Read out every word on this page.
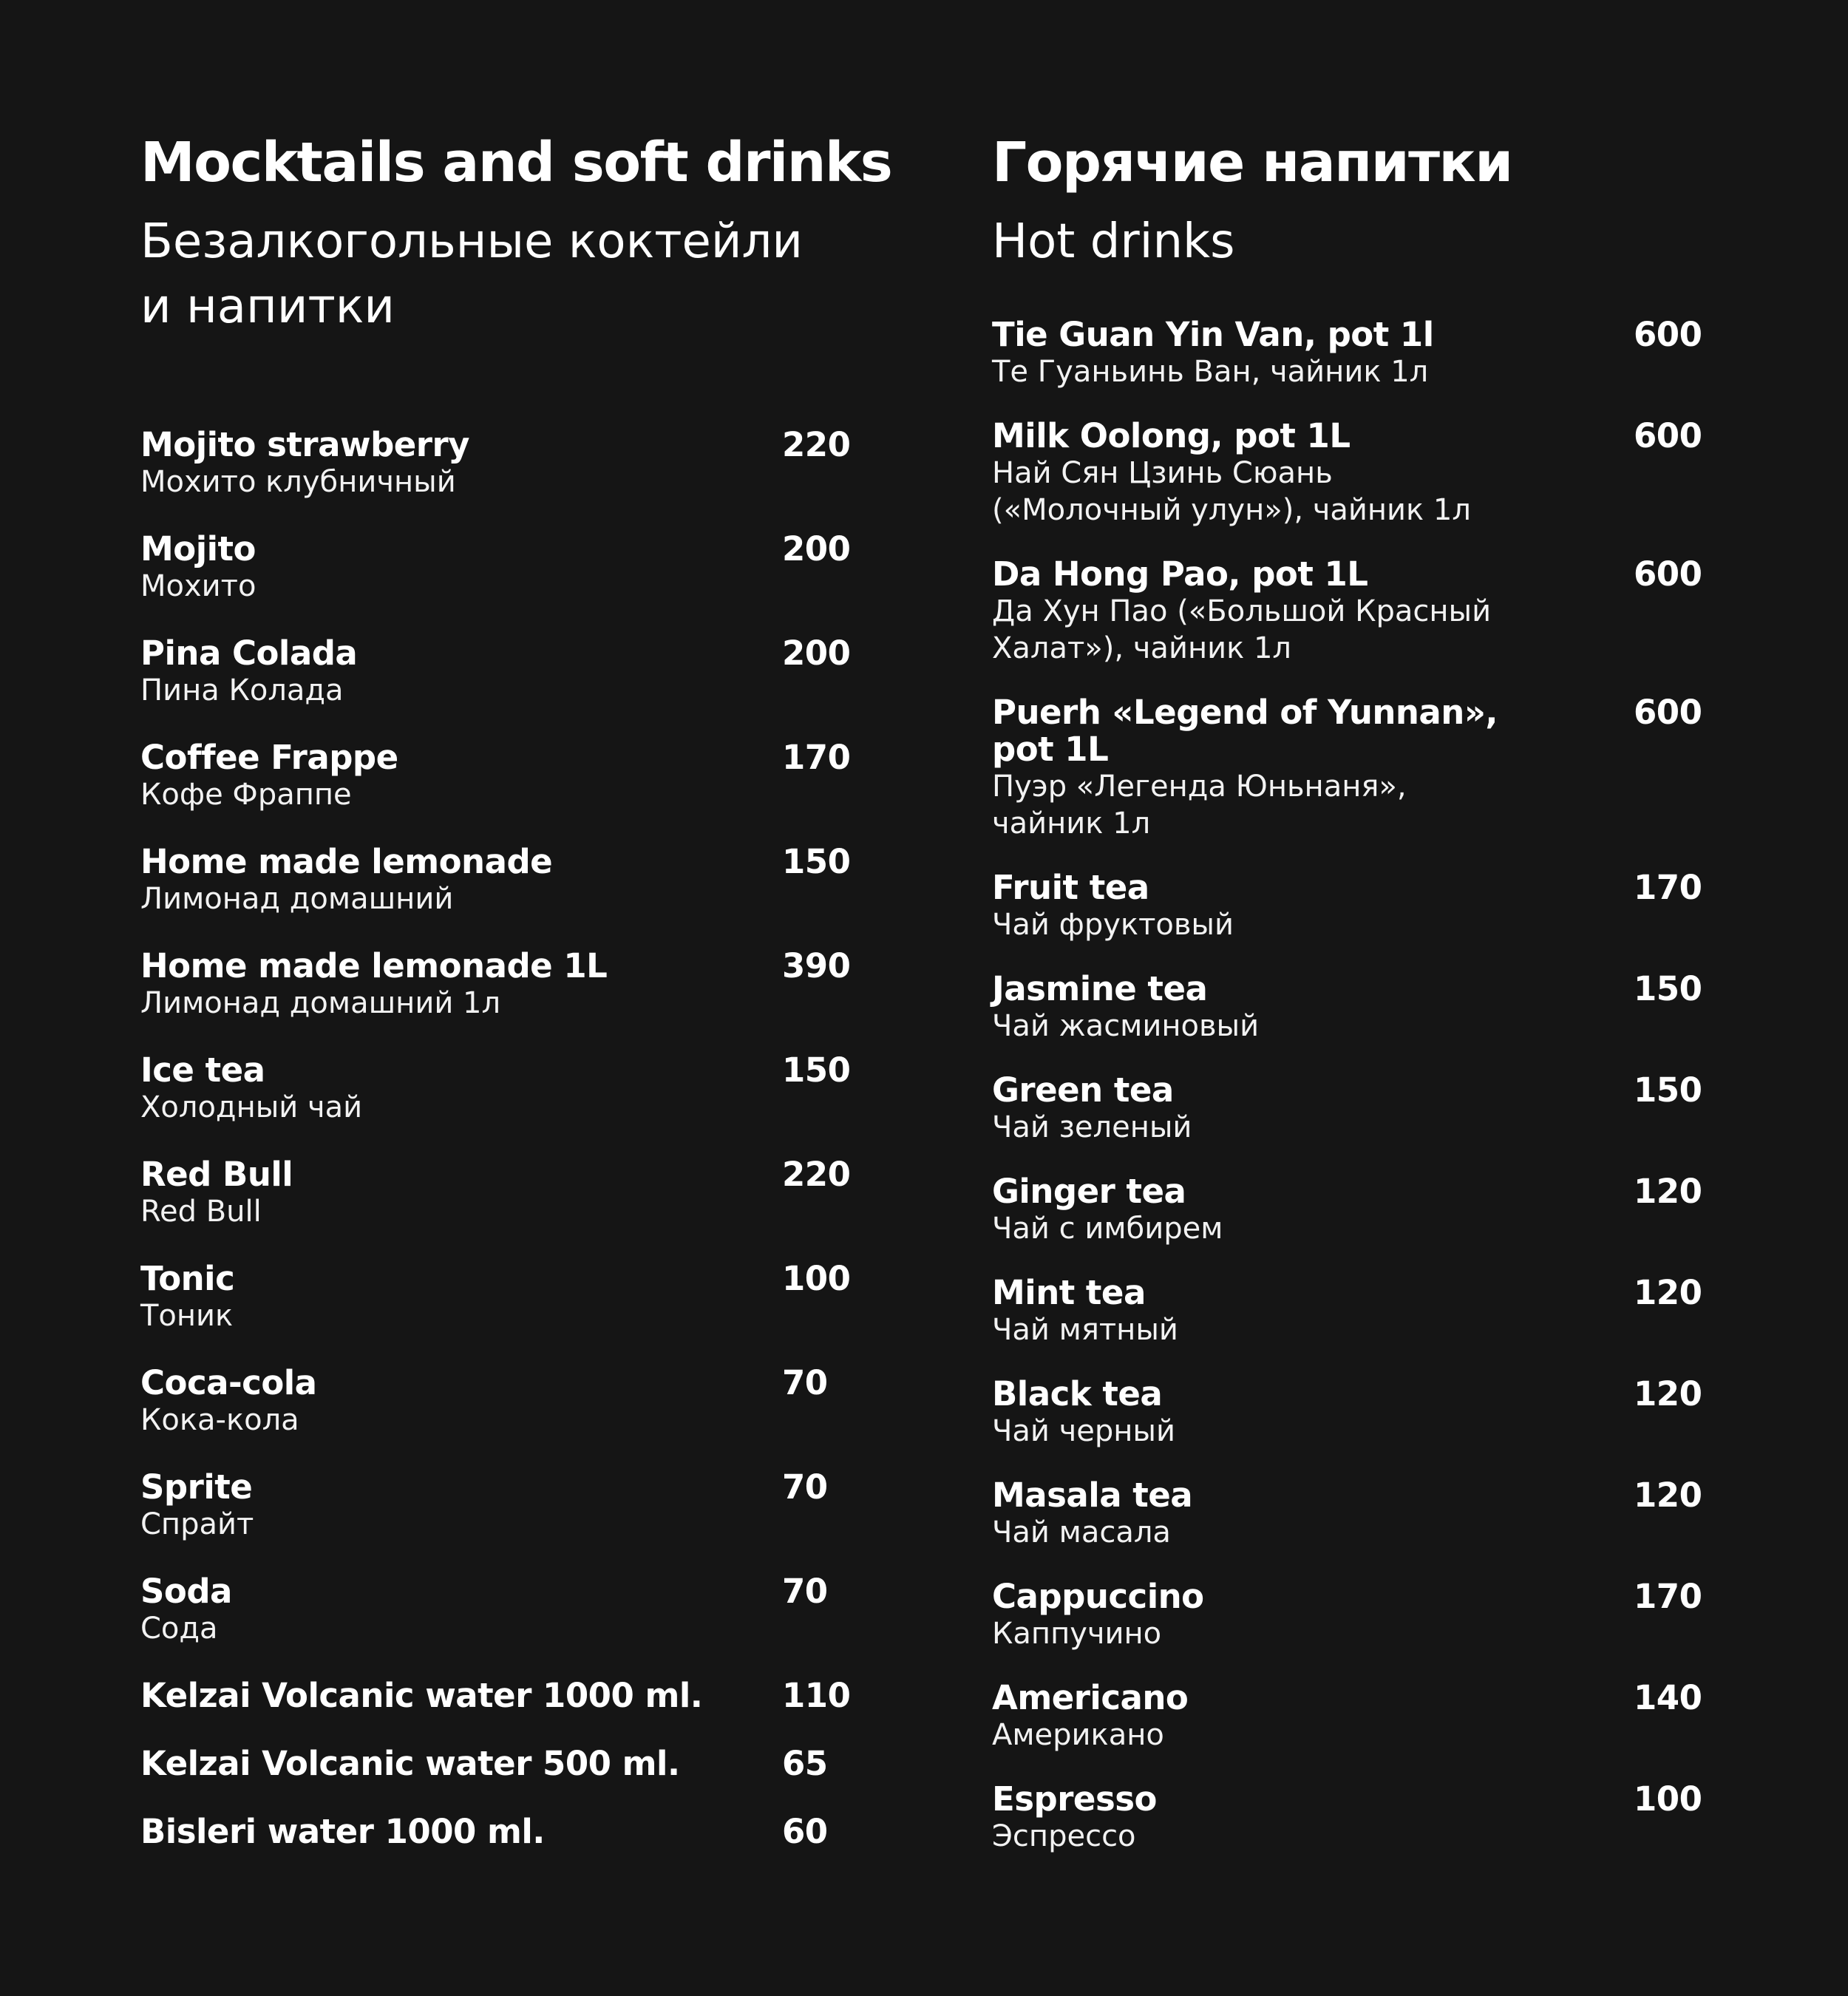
Mocktails and soft drinks
Безалкогольные коктейли
и напитки
Mojito strawberry
Мохито клубничный
220
Mojito
Мохито
200
Pina Colada
Пина Колада
200
Coffee Frappe
Кофе Фраппе
170
Home made lemonade
Лимонад домашний
150
Home made lemonade 1L
Лимонад домашний 1л
390
Ice tea
Холодный чай
150
Red Bull
Red Bull
220
Tonic
Тоник
100
Coca-cola
Кока-кола
70
Sprite
Спрайт
70
Soda
Сода
70
Kelzai Volcanic water 1000 ml.	110
Kelzai Volcanic water 500 ml.	65
Bisleri water 1000 ml.	60
Горячие напитки
Hot drinks
Tie Guan Yin Van, pot 1l
Те Гуаньинь Ван, чайник 1л
600
Milk Oolong, pot 1L
Най Сян Цзинь Сюань
(«Молочный улун»), чайник 1л
600
Da Hong Pao, pot 1L
Да Хун Пао («Большой Красный
Халат»), чайник 1л
600
Puerh «Legend of Yunnan»,
pot 1L
Пуэр «Легенда Юньнаня»,
чайник 1л
600
Fruit tea
Чай фруктовый
170
Jasmine tea
Чай жасминовый
150
Green tea
Чай зеленый
150
Ginger tea
Чай с имбирем
120
Mint tea
Чай мятный
120
Black tea
Чай черный
120
Masala tea
Чай масала
120
Cappuccino
Каппучино
170
Americano
Американо
140
Espresso
Эспрессо
100
